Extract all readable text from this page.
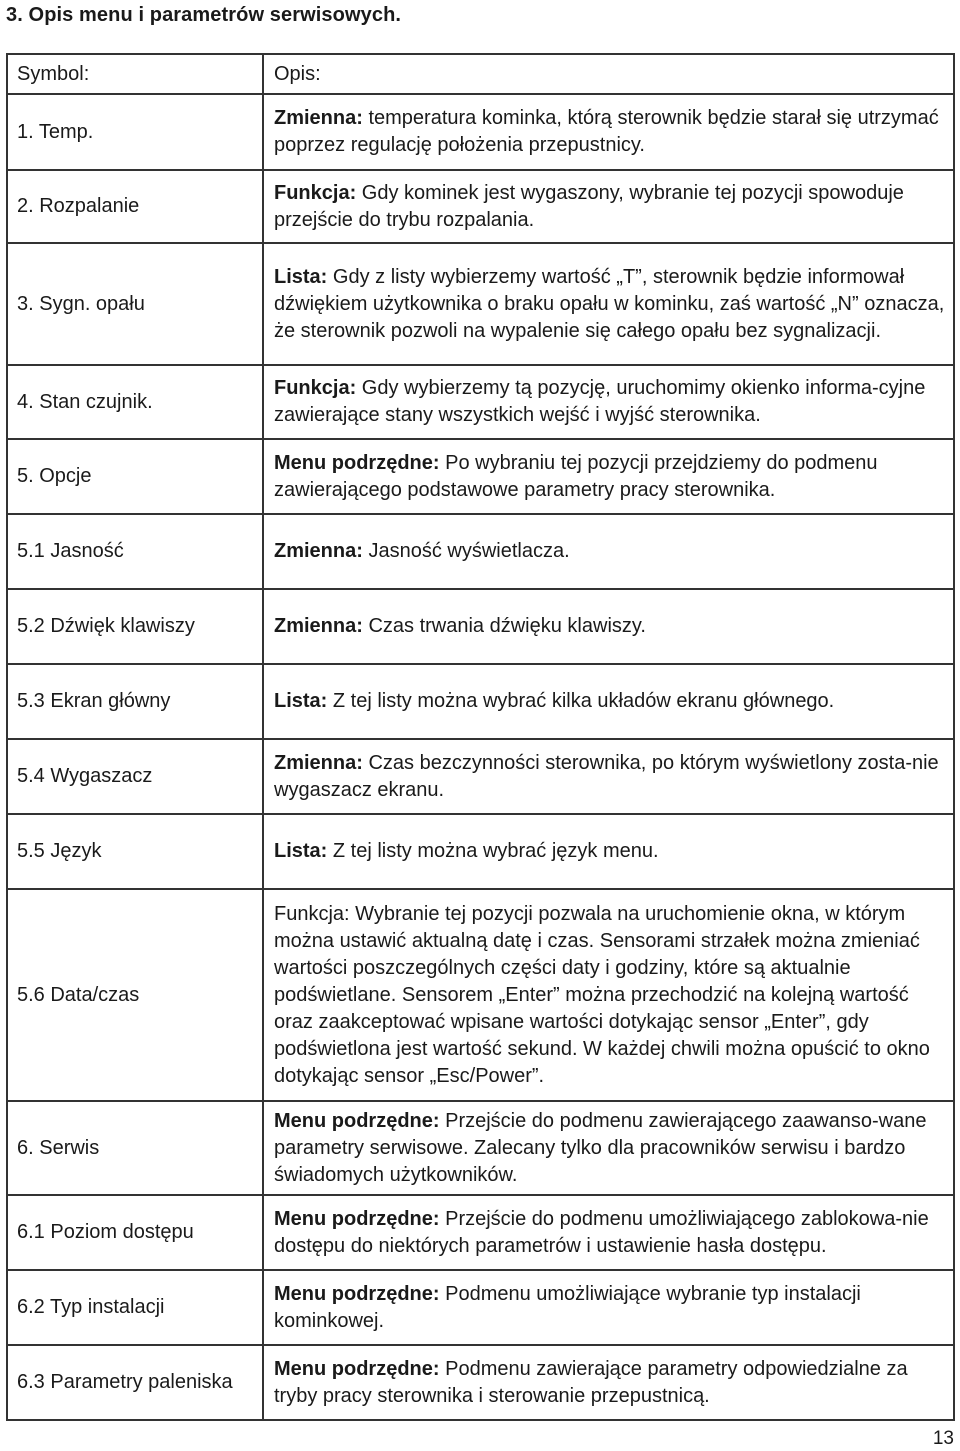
3. Opis menu i parametrów serwisowych.
Symbol:	Opis:
1. Temp.	Zmienna: temperatura kominka, którą sterownik będzie starał się utrzymać poprzez regulację położenia przepustnicy.
2. Rozpalanie	Funkcja: Gdy kominek jest wygaszony, wybranie tej pozycji spowoduje przejście do trybu rozpalania.
3. Sygn. opału	Lista: Gdy z listy wybierzemy wartość „T”, sterownik będzie informował dźwiękiem użytkownika o braku opału w kominku, zaś wartość „N” oznacza, że sterownik pozwoli na wypalenie się całego opału bez sygnalizacji.
4. Stan czujnik.	Funkcja: Gdy wybierzemy tą pozycję, uruchomimy okienko informa-cyjne zawierające stany wszystkich wejść i wyjść sterownika.
5. Opcje	Menu podrzędne: Po wybraniu tej pozycji przejdziemy do podmenu zawierającego podstawowe parametry pracy sterownika.
5.1 Jasność	Zmienna: Jasność wyświetlacza.
5.2 Dźwięk klawiszy	Zmienna: Czas trwania dźwięku klawiszy.
5.3 Ekran główny	Lista: Z tej listy można wybrać kilka układów ekranu głównego.
5.4 Wygaszacz	Zmienna: Czas bezczynności sterownika, po którym wyświetlony zosta-nie wygaszacz ekranu.
5.5 Język	Lista: Z tej listy można wybrać język menu.
5.6 Data/czas	Funkcja: Wybranie tej pozycji pozwala na uruchomienie okna, w którym można ustawić aktualną datę i czas. Sensorami strzałek można zmieniać wartości poszczególnych części daty i godziny, które są aktualnie podświetlane. Sensorem „Enter” można przechodzić na kolejną wartość oraz zaakceptować wpisane wartości dotykając sensor „Enter”, gdy podświetlona jest wartość sekund. W każdej chwili można opuścić to okno dotykając sensor „Esc/Power”.
6. Serwis	Menu podrzędne: Przejście do podmenu zawierającego zaawanso-wane parametry serwisowe. Zalecany tylko dla pracowników serwisu i bardzo świadomych użytkowników.
6.1 Poziom dostępu	Menu podrzędne: Przejście do podmenu umożliwiającego zablokowa-nie dostępu do niektórych parametrów i ustawienie hasła dostępu.
6.2 Typ instalacji	Menu podrzędne: Podmenu umożliwiające wybranie typ instalacji kominkowej.
6.3 Parametry paleniska	Menu podrzędne: Podmenu zawierające parametry odpowiedzialne za tryby pracy sterownika i sterowanie przepustnicą.
13
